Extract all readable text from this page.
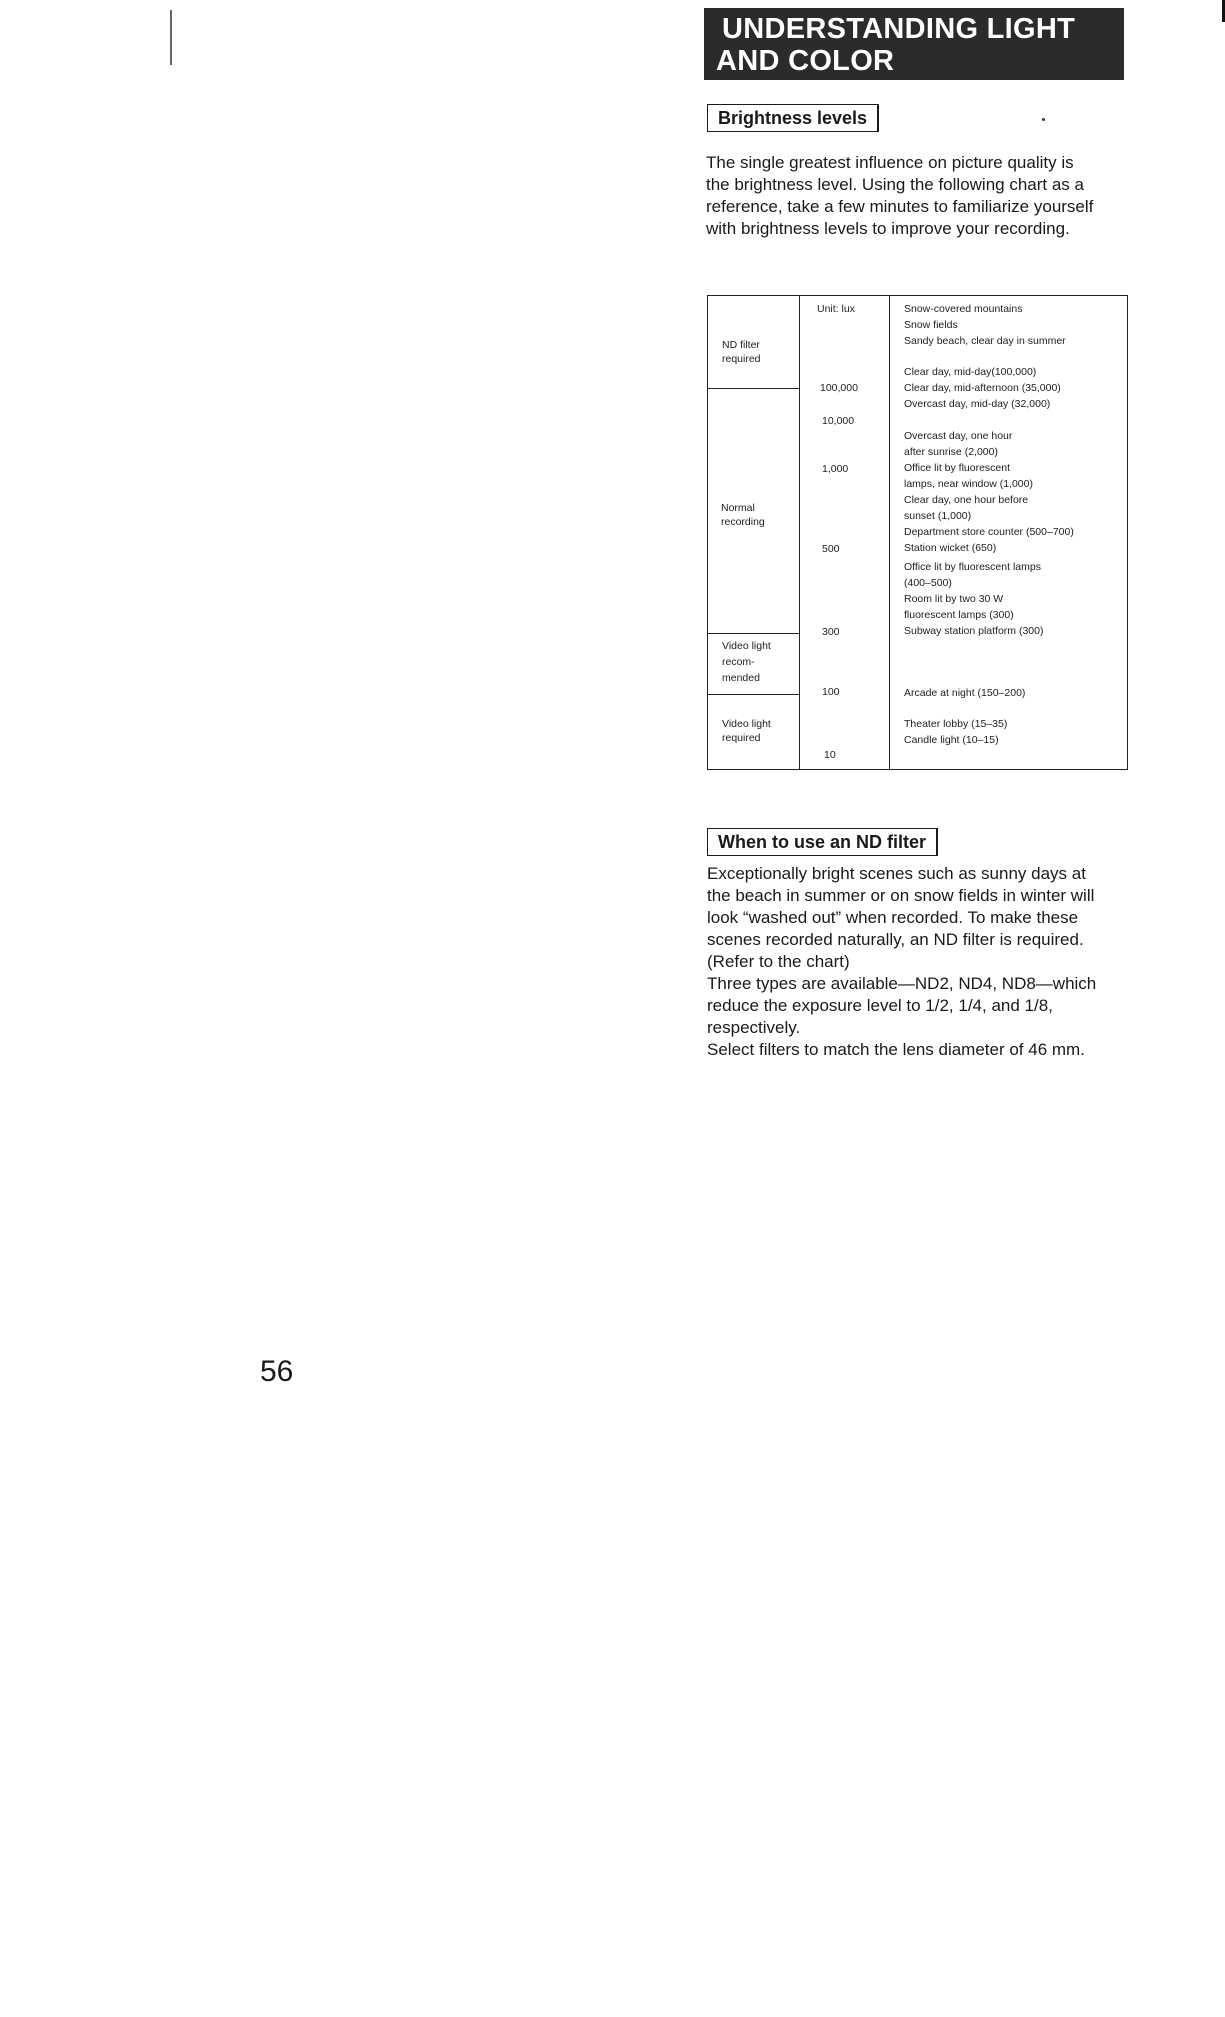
UNDERSTANDING LIGHT
AND COLOR
Brightness levels

The single greatest influence on picture quality is the brightness level. Using the following chart as a reference, take a few minutes to familiarize yourself with brightness levels to improve your recording.

ND filter
required
Normal
recording
Video light
recom-
mended
Video light
required
Unit: lux
100,000
10,000
1,000
500
300
100
10
Snow-covered mountains
Snow fields
Sandy beach, clear day in summer
Clear day, mid-day(100,000)
Clear day, mid-afternoon (35,000)
Overcast day, mid-day (32,000)
Overcast day, one hour
after sunrise (2,000)
Office lit by fluorescent
lamps, near window (1,000)
Clear day, one hour before
sunset (1,000)
Department store counter (500–700)
Station wicket (650)
Office lit by fluorescent lamps
(400–500)
Room lit by two 30 W
fluorescent lamps (300)
Subway station platform (300)
Arcade at night (150–200)
Theater lobby (15–35)
Candle light (10–15)
When to use an ND filter

Exceptionally bright scenes such as sunny days at the beach in summer or on snow fields in winter will look “washed out” when recorded. To make these scenes recorded naturally, an ND filter is required. (Refer to the chart)
Three types are available—ND2, ND4, ND8—which reduce the exposure level to 1/2, 1/4, and 1/8, respectively.
Select filters to match the lens diameter of 46 mm.

56
